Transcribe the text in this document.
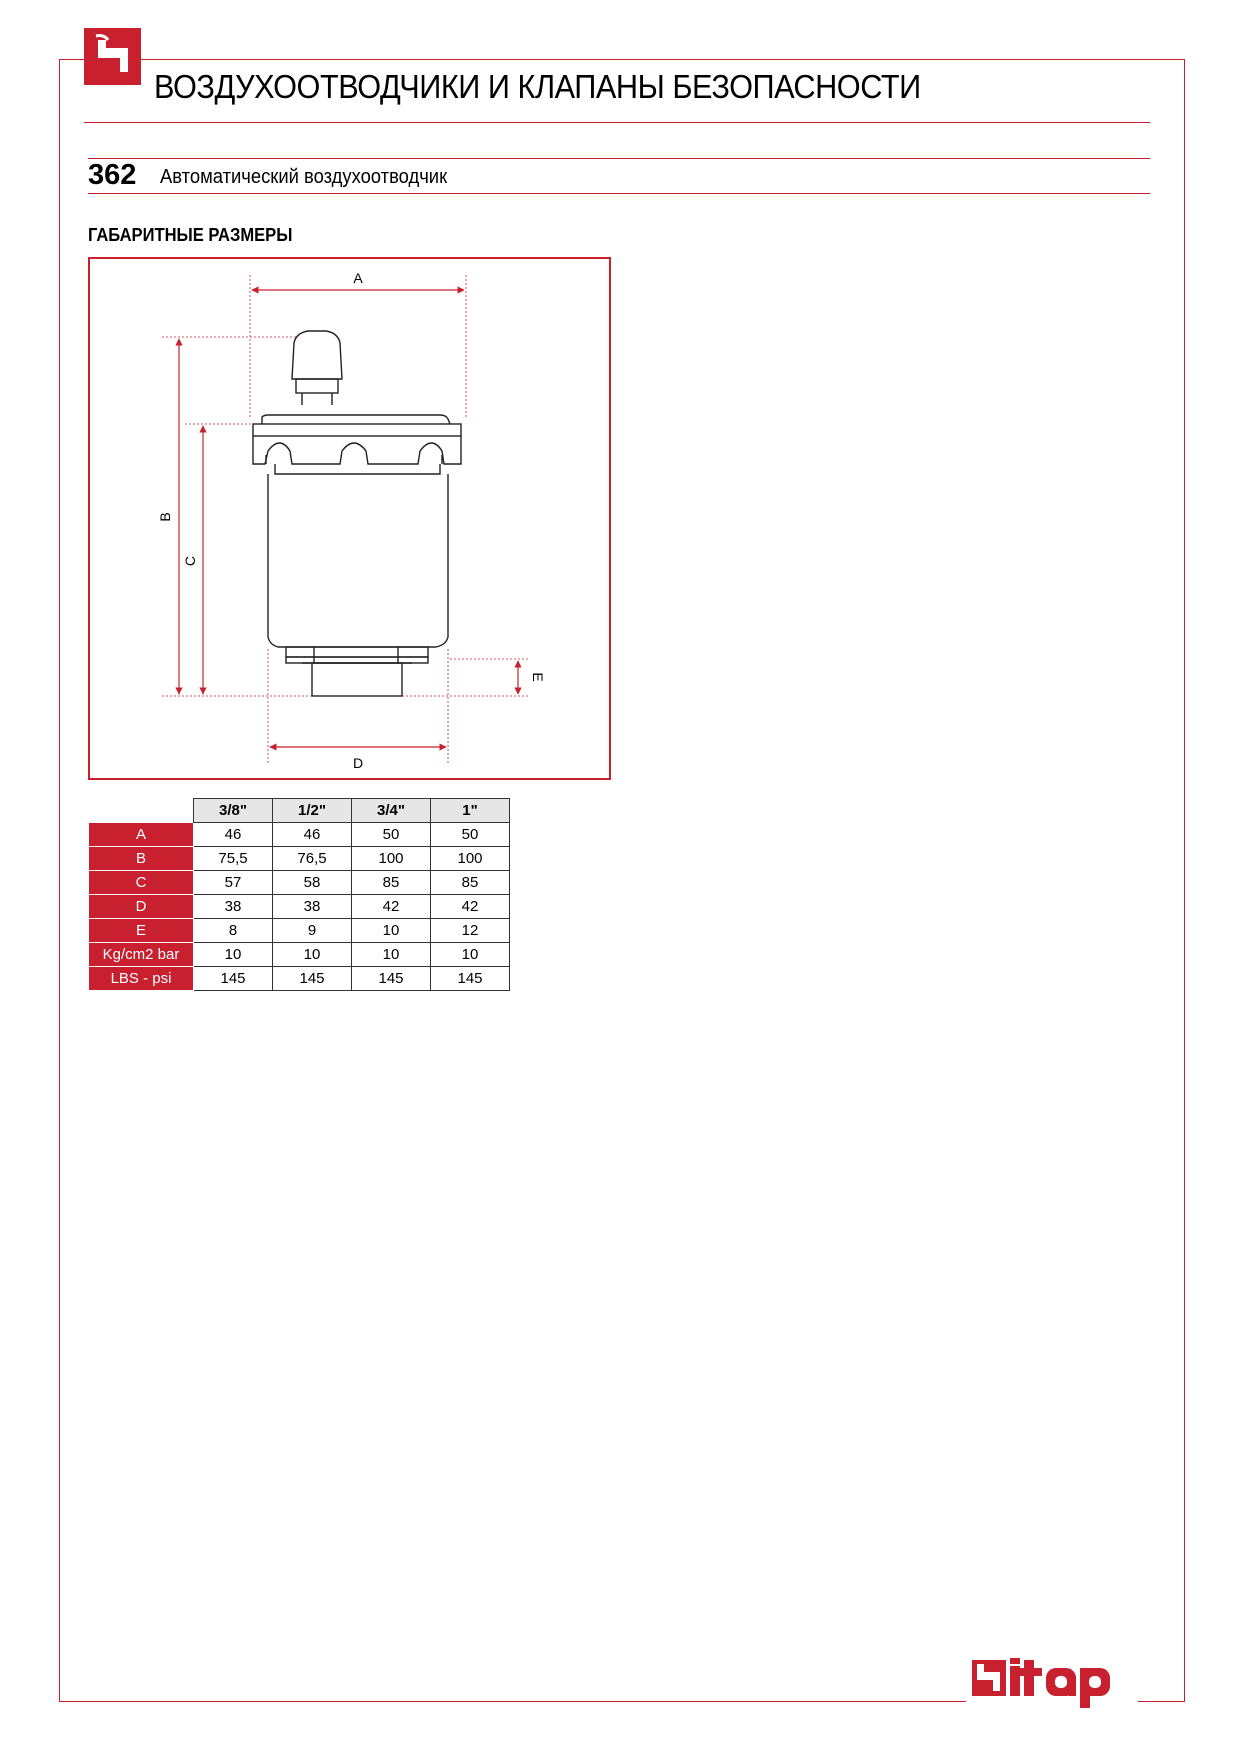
ВОЗДУХООТВОДЧИКИ И КЛАПАНЫ БЕЗОПАСНОСТИ
362 Автоматический воздухоотводчик
ГАБАРИТНЫЕ РАЗМЕРЫ
A
D
B
C
E
	3/8"	1/2"	3/4"	1"
A	46	46	50	50
B	75,5	76,5	100	100
C	57	58	85	85
D	38	38	42	42
E	8	9	10	12
Kg/cm2 bar	10	10	10	10
LBS - psi	145	145	145	145
